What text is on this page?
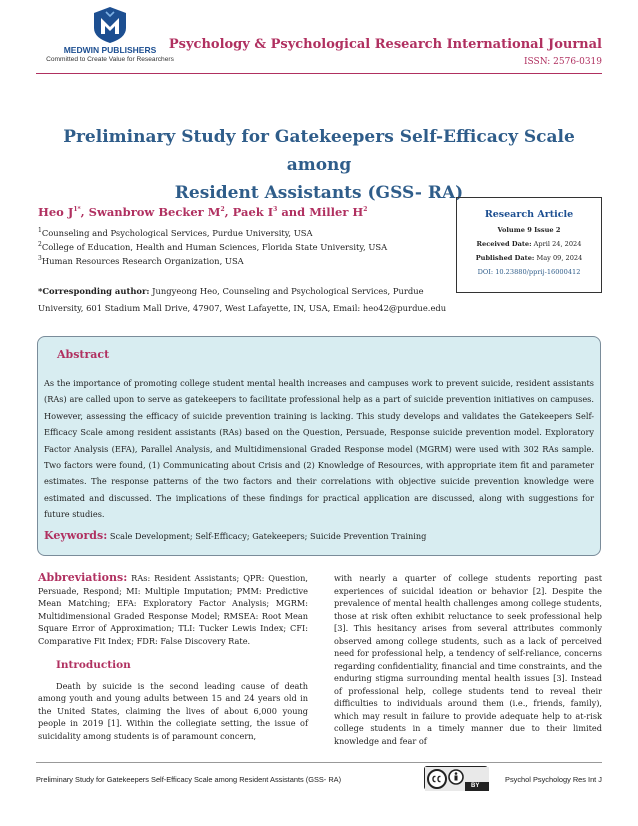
MEDWIN PUBLISHERS
Committed to Create Value for Researchers
Psychology & Psychological Research International Journal
ISSN: 2576-0319
Preliminary Study for Gatekeepers Self-Efficacy Scale among
Resident Assistants (GSS- RA)
Heo $J^{1*}$, Swanbrow Becker $M^2$, Paek $I^3$ and Miller $H^2$
$^1$Counseling and Psychological Services, Purdue University, USA
$^2$College of Education, Health and Human Sciences, Florida State University, USA
$^3$Human Resources Research Organization, USA
*Corresponding author: Jungyeong Heo, Counseling and Psychological Services, Purdue University, 601 Stadium Mall Drive, 47907, West Lafayette, IN, USA, Email: heo42@purdue.edu
Research Article
Volume 9 Issue 2
Received Date: April 24, 2024
Published Date: May 09, 2024
DOI: 10.23880/pprij-16000412
Abstract
As the importance of promoting college student mental health increases and campuses work to prevent suicide, resident assistants (RAs) are called upon to serve as gatekeepers to facilitate professional help as a part of suicide prevention initiatives on campuses. However, assessing the efficacy of suicide prevention training is lacking. This study develops and validates the Gatekeepers Self-Efficacy Scale among resident assistants (RAs) based on the Question, Persuade, Response suicide prevention model. Exploratory Factor Analysis (EFA), Parallel Analysis, and Multidimensional Graded Response model (MGRM) were used with 302 RAs sample. Two factors were found, (1) Communicating about Crisis and (2) Knowledge of Resources, with appropriate item fit and parameter estimates. The response patterns of the two factors and their correlations with objective suicide prevention knowledge were estimated and discussed. The implications of these findings for practical application are discussed, along with suggestions for future studies.
Keywords: Scale Development; Self-Efficacy; Gatekeepers; Suicide Prevention Training
Abbreviations: RAs: Resident Assistants; QPR: Question, Persuade, Respond; MI: Multiple Imputation; PMM: Predictive Mean Matching; EFA: Exploratory Factor Analysis; MGRM: Multidimensional Graded Response Model; RMSEA: Root Mean Square Error of Approximation; TLI: Tucker Lewis Index; CFI: Comparative Fit Index; FDR: False Discovery Rate.
Introduction
Death by suicide is the second leading cause of death among youth and young adults between 15 and 24 years old in the United States, claiming the lives of about 6,000 young people in 2019 [1]. Within the collegiate setting, the issue of suicidality among students is of paramount concern,
with nearly a quarter of college students reporting past experiences of suicidal ideation or behavior [2]. Despite the prevalence of mental health challenges among college students, those at risk often exhibit reluctance to seek professional help [3]. This hesitancy arises from several attributes commonly observed among college students, such as a lack of perceived need for professional help, a tendency of self-reliance, concerns regarding confidentiality, financial and time constraints, and the enduring stigma surrounding mental health issues [3]. Instead of professional help, college students tend to reveal their difficulties to individuals around them (i.e., friends, family), which may result in failure to provide adequate help to at-risk college students in a timely manner due to their limited knowledge and fear of
Preliminary Study for Gatekeepers Self-Efficacy Scale among Resident Assistants (GSS- RA)
BY
Psychol Psychology Res Int J
